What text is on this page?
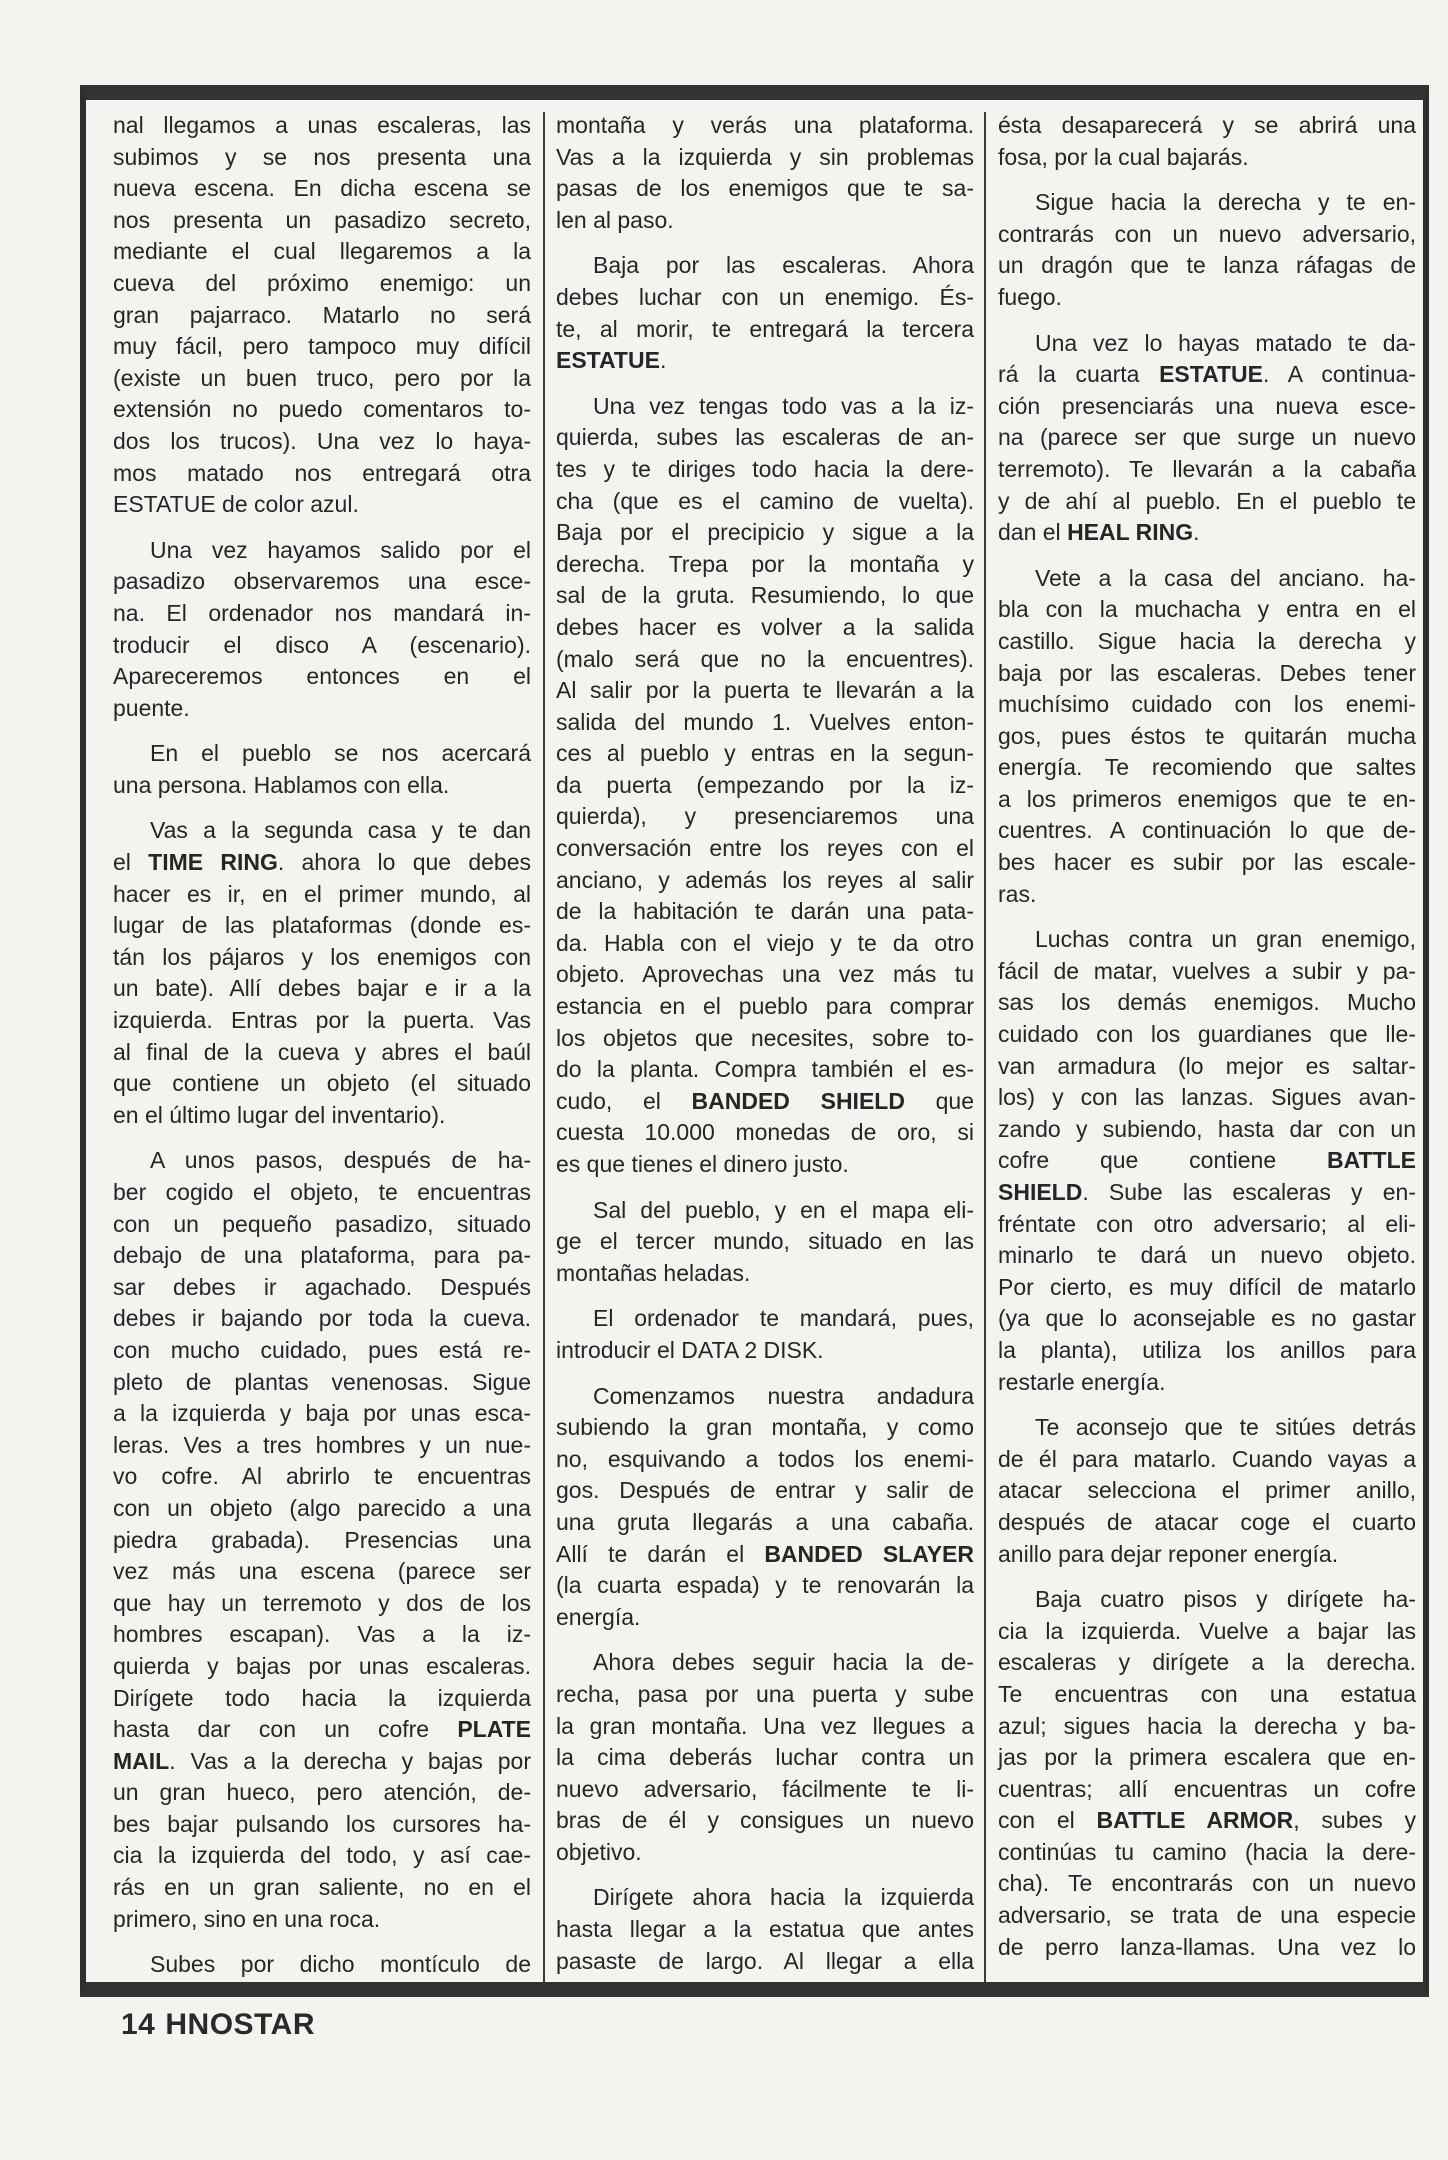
nal llegamos a unas escaleras, las
subimos y se nos presenta una
nueva escena. En dicha escena se
nos presenta un pasadizo secreto,
mediante el cual llegaremos a la
cueva del próximo enemigo: un
gran pajarraco. Matarlo no será
muy fácil, pero tampoco muy difícil
(existe un buen truco, pero por la
extensión no puedo comentaros to-
dos los trucos). Una vez lo haya-
mos matado nos entregará otra
ESTATUE de color azul.
Una vez hayamos salido por el
pasadizo observaremos una esce-
na. El ordenador nos mandará in-
troducir el disco A (escenario).
Apareceremos entonces en el
puente.
En el pueblo se nos acercará
una persona. Hablamos con ella.
Vas a la segunda casa y te dan
el TIME RING. ahora lo que debes
hacer es ir, en el primer mundo, al
lugar de las plataformas (donde es-
tán los pájaros y los enemigos con
un bate). Allí debes bajar e ir a la
izquierda. Entras por la puerta. Vas
al final de la cueva y abres el baúl
que contiene un objeto (el situado
en el último lugar del inventario).
A unos pasos, después de ha-
ber cogido el objeto, te encuentras
con un pequeño pasadizo, situado
debajo de una plataforma, para pa-
sar debes ir agachado. Después
debes ir bajando por toda la cueva.
con mucho cuidado, pues está re-
pleto de plantas venenosas. Sigue
a la izquierda y baja por unas esca-
leras. Ves a tres hombres y un nue-
vo cofre. Al abrirlo te encuentras
con un objeto (algo parecido a una
piedra grabada). Presencias una
vez más una escena (parece ser
que hay un terremoto y dos de los
hombres escapan). Vas a la iz-
quierda y bajas por unas escaleras.
Dirígete todo hacia la izquierda
hasta dar con un cofre PLATE
MAIL. Vas a la derecha y bajas por
un gran hueco, pero atención, de-
bes bajar pulsando los cursores ha-
cia la izquierda del todo, y así cae-
rás en un gran saliente, no en el
primero, sino en una roca.
Subes por dicho montículo de
montaña y verás una plataforma.
Vas a la izquierda y sin problemas
pasas de los enemigos que te sa-
len al paso.
Baja por las escaleras. Ahora
debes luchar con un enemigo. És-
te, al morir, te entregará la tercera
ESTATUE.
Una vez tengas todo vas a la iz-
quierda, subes las escaleras de an-
tes y te diriges todo hacia la dere-
cha (que es el camino de vuelta).
Baja por el precipicio y sigue a la
derecha. Trepa por la montaña y
sal de la gruta. Resumiendo, lo que
debes hacer es volver a la salida
(malo será que no la encuentres).
Al salir por la puerta te llevarán a la
salida del mundo 1. Vuelves enton-
ces al pueblo y entras en la segun-
da puerta (empezando por la iz-
quierda), y presenciaremos una
conversación entre los reyes con el
anciano, y además los reyes al salir
de la habitación te darán una pata-
da. Habla con el viejo y te da otro
objeto. Aprovechas una vez más tu
estancia en el pueblo para comprar
los objetos que necesites, sobre to-
do la planta. Compra también el es-
cudo, el BANDED SHIELD que
cuesta 10.000 monedas de oro, si
es que tienes el dinero justo.
Sal del pueblo, y en el mapa eli-
ge el tercer mundo, situado en las
montañas heladas.
El ordenador te mandará, pues,
introducir el DATA 2 DISK.
Comenzamos nuestra andadura
subiendo la gran montaña, y como
no, esquivando a todos los enemi-
gos. Después de entrar y salir de
una gruta llegarás a una cabaña.
Allí te darán el BANDED SLAYER
(la cuarta espada) y te renovarán la
energía.
Ahora debes seguir hacia la de-
recha, pasa por una puerta y sube
la gran montaña. Una vez llegues a
la cima deberás luchar contra un
nuevo adversario, fácilmente te li-
bras de él y consigues un nuevo
objetivo.
Dirígete ahora hacia la izquierda
hasta llegar a la estatua que antes
pasaste de largo. Al llegar a ella
ésta desaparecerá y se abrirá una
fosa, por la cual bajarás.
Sigue hacia la derecha y te en-
contrarás con un nuevo adversario,
un dragón que te lanza ráfagas de
fuego.
Una vez lo hayas matado te da-
rá la cuarta ESTATUE. A continua-
ción presenciarás una nueva esce-
na (parece ser que surge un nuevo
terremoto). Te llevarán a la cabaña
y de ahí al pueblo. En el pueblo te
dan el HEAL RING.
Vete a la casa del anciano. ha-
bla con la muchacha y entra en el
castillo. Sigue hacia la derecha y
baja por las escaleras. Debes tener
muchísimo cuidado con los enemi-
gos, pues éstos te quitarán mucha
energía. Te recomiendo que saltes
a los primeros enemigos que te en-
cuentres. A continuación lo que de-
bes hacer es subir por las escale-
ras.
Luchas contra un gran enemigo,
fácil de matar, vuelves a subir y pa-
sas los demás enemigos. Mucho
cuidado con los guardianes que lle-
van armadura (lo mejor es saltar-
los) y con las lanzas. Sigues avan-
zando y subiendo, hasta dar con un
cofre que contiene BATTLE
SHIELD. Sube las escaleras y en-
fréntate con otro adversario; al eli-
minarlo te dará un nuevo objeto.
Por cierto, es muy difícil de matarlo
(ya que lo aconsejable es no gastar
la planta), utiliza los anillos para
restarle energía.
Te aconsejo que te sitúes detrás
de él para matarlo. Cuando vayas a
atacar selecciona el primer anillo,
después de atacar coge el cuarto
anillo para dejar reponer energía.
Baja cuatro pisos y dirígete ha-
cia la izquierda. Vuelve a bajar las
escaleras y dirígete a la derecha.
Te encuentras con una estatua
azul; sigues hacia la derecha y ba-
jas por la primera escalera que en-
cuentras; allí encuentras un cofre
con el BATTLE ARMOR, subes y
continúas tu camino (hacia la dere-
cha). Te encontrarás con un nuevo
adversario, se trata de una especie
de perro lanza-llamas. Una vez lo
14 HNOSTAR
